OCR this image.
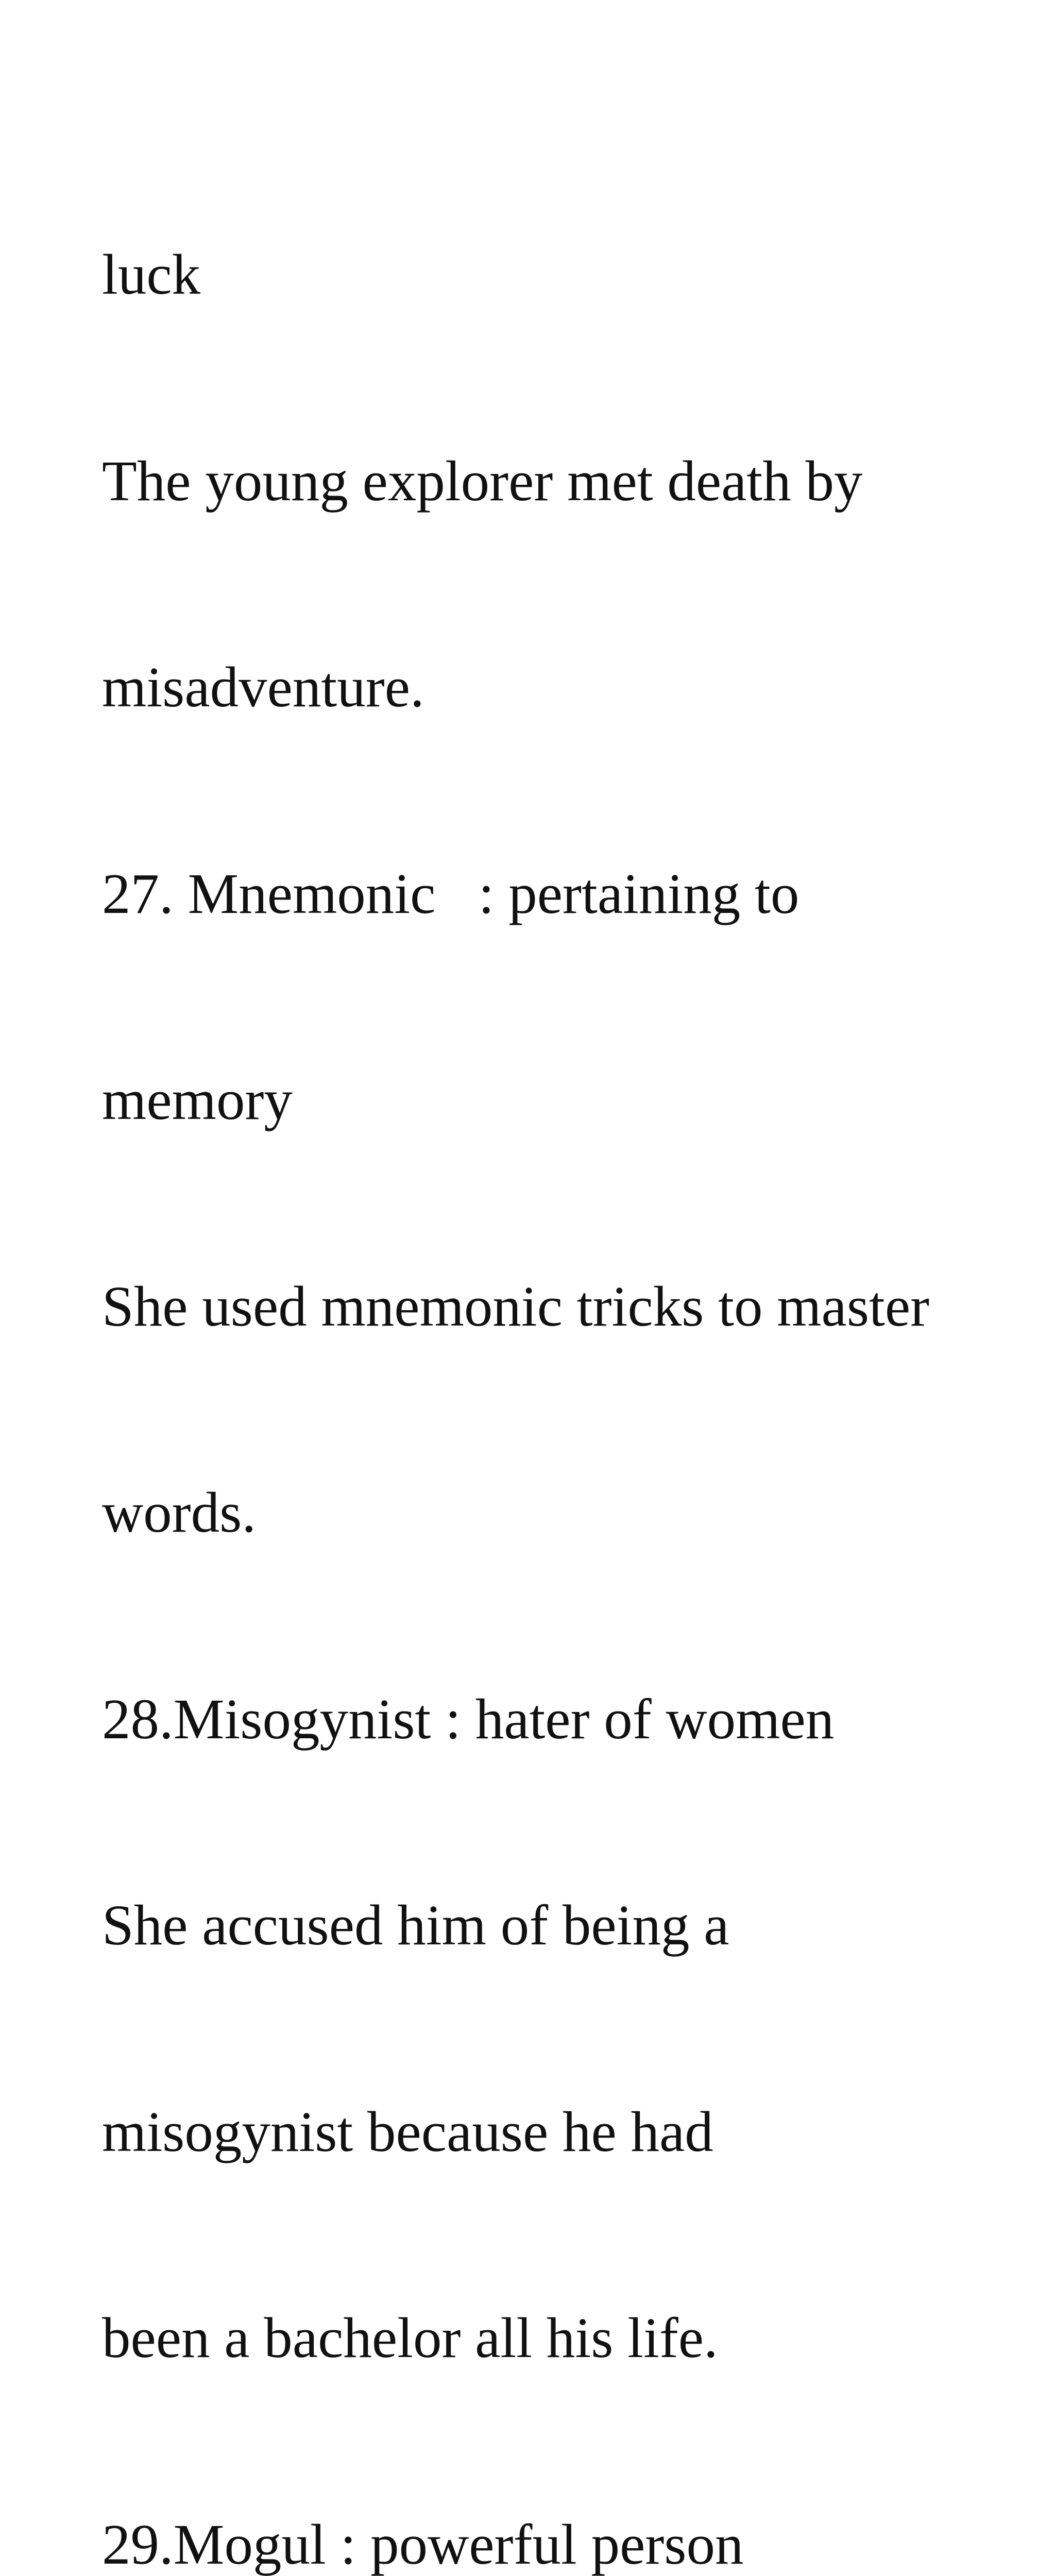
luck

The young explorer met death by

misadventure.

27. Mnemonic   : pertaining to

memory

She used mnemonic tricks to master

words.

28.Misogynist : hater of women

She accused him of being a

misogynist because he had

been a bachelor all his life.

29.Mogul : powerful person
